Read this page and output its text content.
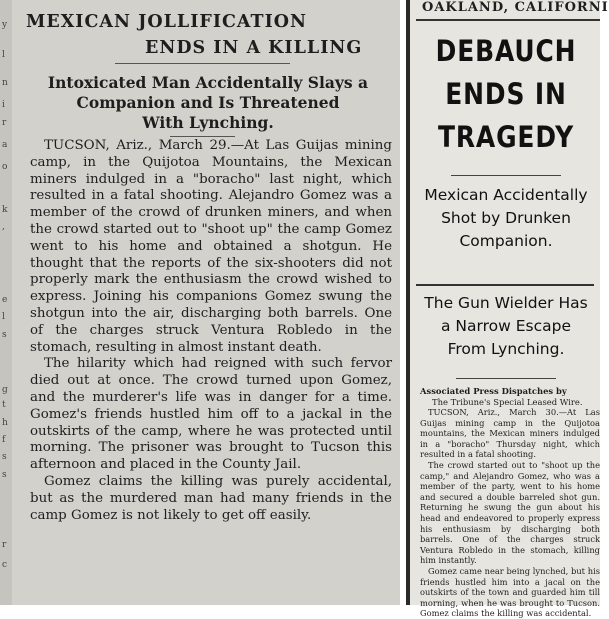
y
l
n
i
r
a
o
k
,
e
l
s
g
t
h
f
s
s
r
c
MEXICAN JOLLIFICATION
ENDS IN A KILLING
Intoxicated Man Accidentally Slays a
Companion and Is Threatened
With Lynching.

TUCSON, Ariz., March 29.—At Las Guijas mining camp, in the Quijotoa Mountains, the Mexican miners indulged in a "boracho" last night, which resulted in a fatal shooting. Alejandro Gomez was a member of the crowd of drunken miners, and when the crowd started out to "shoot up" the camp Gomez went to his home and obtained a shotgun. He thought that the reports of the six-shooters did not properly mark the enthusiasm the crowd wished to express. Joining his companions Gomez swung the shotgun into the air, discharging both barrels. One of the charges struck Ventura Robledo in the stomach, resulting in almost instant death.

The hilarity which had reigned with such fervor died out at once. The crowd turned upon Gomez, and the murderer's life was in danger for a time. Gomez's friends hustled him off to a jackal in the outskirts of the camp, where he was protected until morning. The prisoner was brought to Tucson this afternoon and placed in the County Jail.

Gomez claims the killing was purely accidental, but as the murdered man had many friends in the camp Gomez is not likely to get off easily.

OAKLAND, CALIFORNI
DEBAUCH
ENDS IN
TRAGEDY
Mexican Accidentally
Shot by Drunken
Companion.
The Gun Wielder Has
a Narrow Escape
From Lynching.
Associated Press Dispatches by
The Tribune's Special Leased Wire.

TUCSON, Ariz., March 30.—At Las Guijas mining camp in the Quijotoa mountains, the Mexican miners indulged in a "boracho" Thursday night, which resulted in a fatal shooting.

The crowd started out to "shoot up the camp," and Alejandro Gomez, who was a member of the party, went to his home and secured a double barreled shot gun. Returning he swung the gun about his head and endeavored to properly express his enthusiasm by discharging both barrels. One of the charges struck Ventura Robledo in the stomach, killing him instantly.

Gomez came near being lynched, but his friends hustled him into a jacal on the outskirts of the town and guarded him till morning, when he was brought to Tucson. Gomez claims the killing was accidental.
